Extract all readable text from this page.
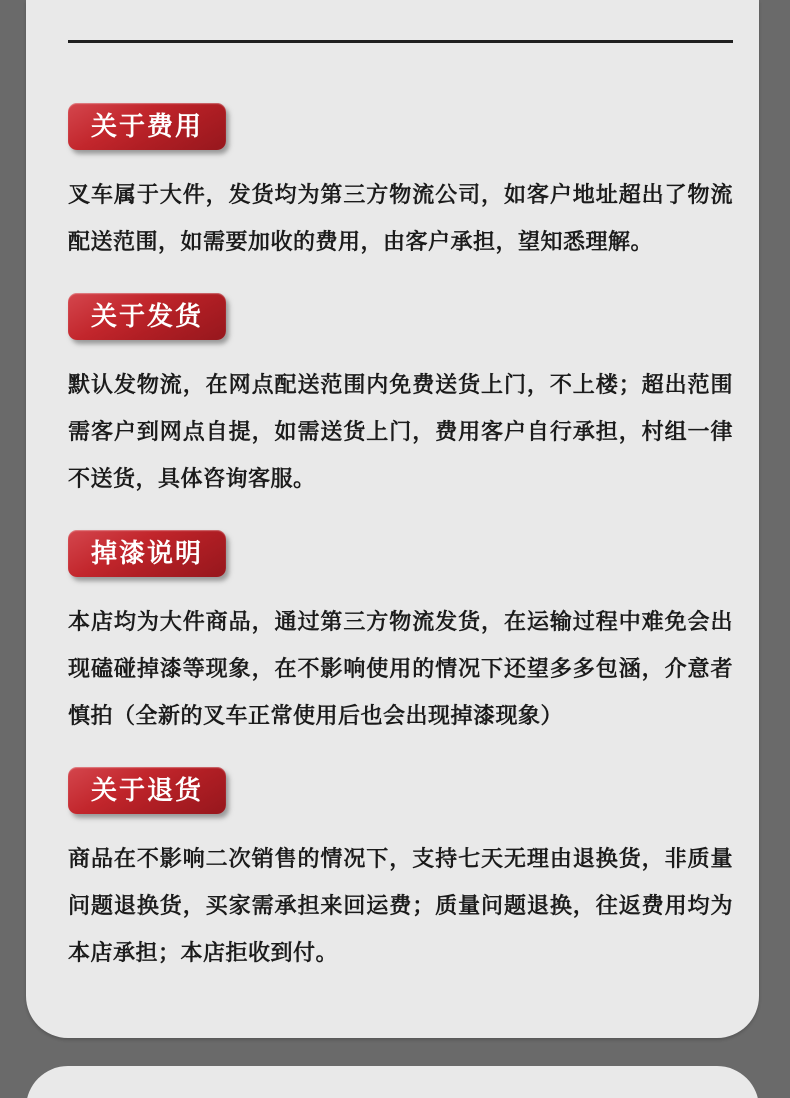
关于费用

叉车属于大件，发货均为第三方物流公司，如客户地址超出了物流配送范围，如需要加收的费用，由客户承担，望知悉理解。

关于发货

默认发物流，在网点配送范围内免费送货上门，不上楼；超出范围需客户到网点自提，如需送货上门，费用客户自行承担，村组一律不送货，具体咨询客服。

掉漆说明

本店均为大件商品，通过第三方物流发货，在运输过程中难免会出现磕碰掉漆等现象，在不影响使用的情况下还望多多包涵，介意者慎拍（全新的叉车正常使用后也会出现掉漆现象）

关于退货

商品在不影响二次销售的情况下，支持七天无理由退换货，非质量问题退换货，买家需承担来回运费；质量问题退换，往返费用均为本店承担；本店拒收到付。
